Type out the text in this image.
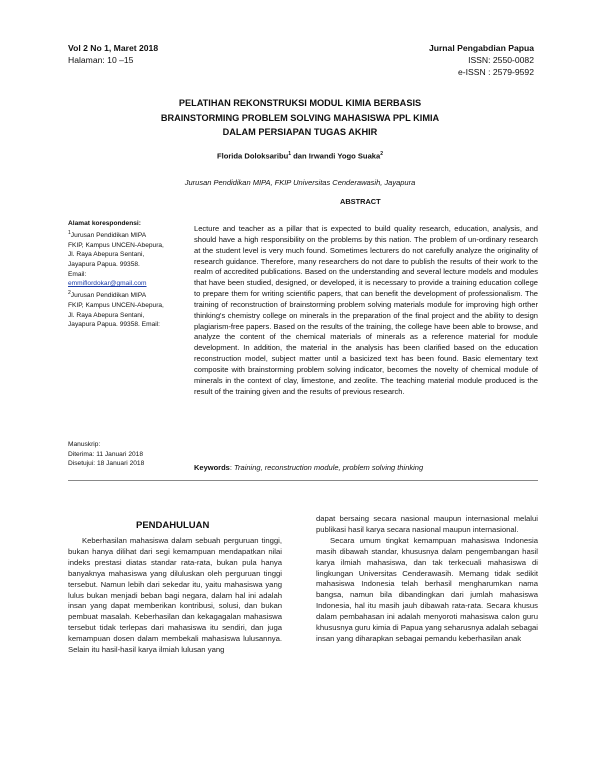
Vol 2 No 1, Maret 2018
Halaman: 10 –15
Jurnal Pengabdian Papua
ISSN: 2550-0082
e-ISSN : 2579-9592
PELATIHAN REKONSTRUKSI MODUL KIMIA BERBASIS
BRAINSTORMING PROBLEM SOLVING MAHASISWA PPL KIMIA
DALAM PERSIAPAN TUGAS AKHIR
Florida Doloksaribu$^1$ dan Irwandi Yogo Suaka$^2$
Jurusan Pendidikan MIPA, FKIP Universitas Cenderawasih, Jayapura
ABSTRACT
Alamat korespondensi:
$^1$Jurusan Pendidikan MIPA
FKIP, Kampus UNCEN-Abepura,
Jl. Raya Abepura Sentani,
Jayapura Papua. 99358.
Email:
emmiflordokar@gmail.com
$^2$Jurusan Pendidikan MIPA
FKIP, Kampus UNCEN-Abepura,
Jl. Raya Abepura Sentani,
Jayapura Papua. 99358. Email:
Manuskrip:
Diterima: 11 Januari 2018
Disetujui: 18 Januari 2018
Lecture and teacher as a pillar that is expected to build quality research, education, analysis, and should have a high responsibility on the problems by this nation. The problem of un-ordinary research at the student level is very much found. Sometimes lecturers do not carefully analyze the originality of research guidance. Therefore, many researchers do not dare to publish the results of their work to the realm of accredited publications. Based on the understanding and several lecture models and modules that have been studied, designed, or developed, it is necessary to provide a training education college to prepare them for writing scientific papers, that can benefit the development of professionalism. The training of reconstruction of brainstorming problem solving materials module for improving high orther thinking's chemistry college on minerals in the preparation of the final project and the ability to design plagiarism-free papers. Based on the results of the training, the college have been able to browse, and analyze the content of the chemical materials of minerals as a reference material for module development. In addition, the material in the analysis has been clarified based on the education reconstruction model, subject matter until a basicized text has been found. Basic elementary text composite with brainstorming problem solving indicator, becomes the novelty of chemical module of minerals in the context of clay, limestone, and zeolite. The teaching material module produced is the result of the training given and the results of previous research.
Keywords: Training, reconstruction module, problem solving thinking
PENDAHULUAN

Keberhasilan mahasiswa dalam sebuah perguruan tinggi, bukan hanya dilihat dari segi kemampuan mendapatkan nilai indeks prestasi diatas standar rata-rata, bukan pula hanya banyaknya mahasiswa yang diluluskan oleh perguruan tinggi tersebut. Namun lebih dari sekedar itu, yaitu mahasiswa yang lulus bukan menjadi beban bagi negara, dalam hal ini adalah insan yang dapat memberikan kontribusi, solusi, dan bukan pembuat masalah. Keberhasilan dan kekagagalan mahasiswa tersebut tidak terlepas dari mahasiswa itu sendiri, dan juga kemampuan dosen dalam membekali mahasiswa lulusannya. Selain itu hasil-hasil karya ilmiah lulusan yang

dapat bersaing secara nasional maupun internasional melalui publikasi hasil karya secara nasional maupun internasional.

Secara umum tingkat kemampuan mahasiswa Indonesia masih dibawah standar, khususnya dalam pengembangan hasil karya ilmiah mahasiswa, dan tak terkecuali mahasiswa di lingkungan Universitas Cenderawasih. Memang tidak sedikit mahasiswa Indonesia telah berhasil mengharumkan nama bangsa, namun bila dibandingkan dari jumlah mahasiswa Indonesia, hal itu masih jauh dibawah rata-rata. Secara khusus dalam pembahasan ini adalah menyoroti mahasiswa calon guru khususnya guru kimia di Papua yang seharusnya adalah sebagai insan yang diharapkan sebagai pemandu keberhasilan anak
